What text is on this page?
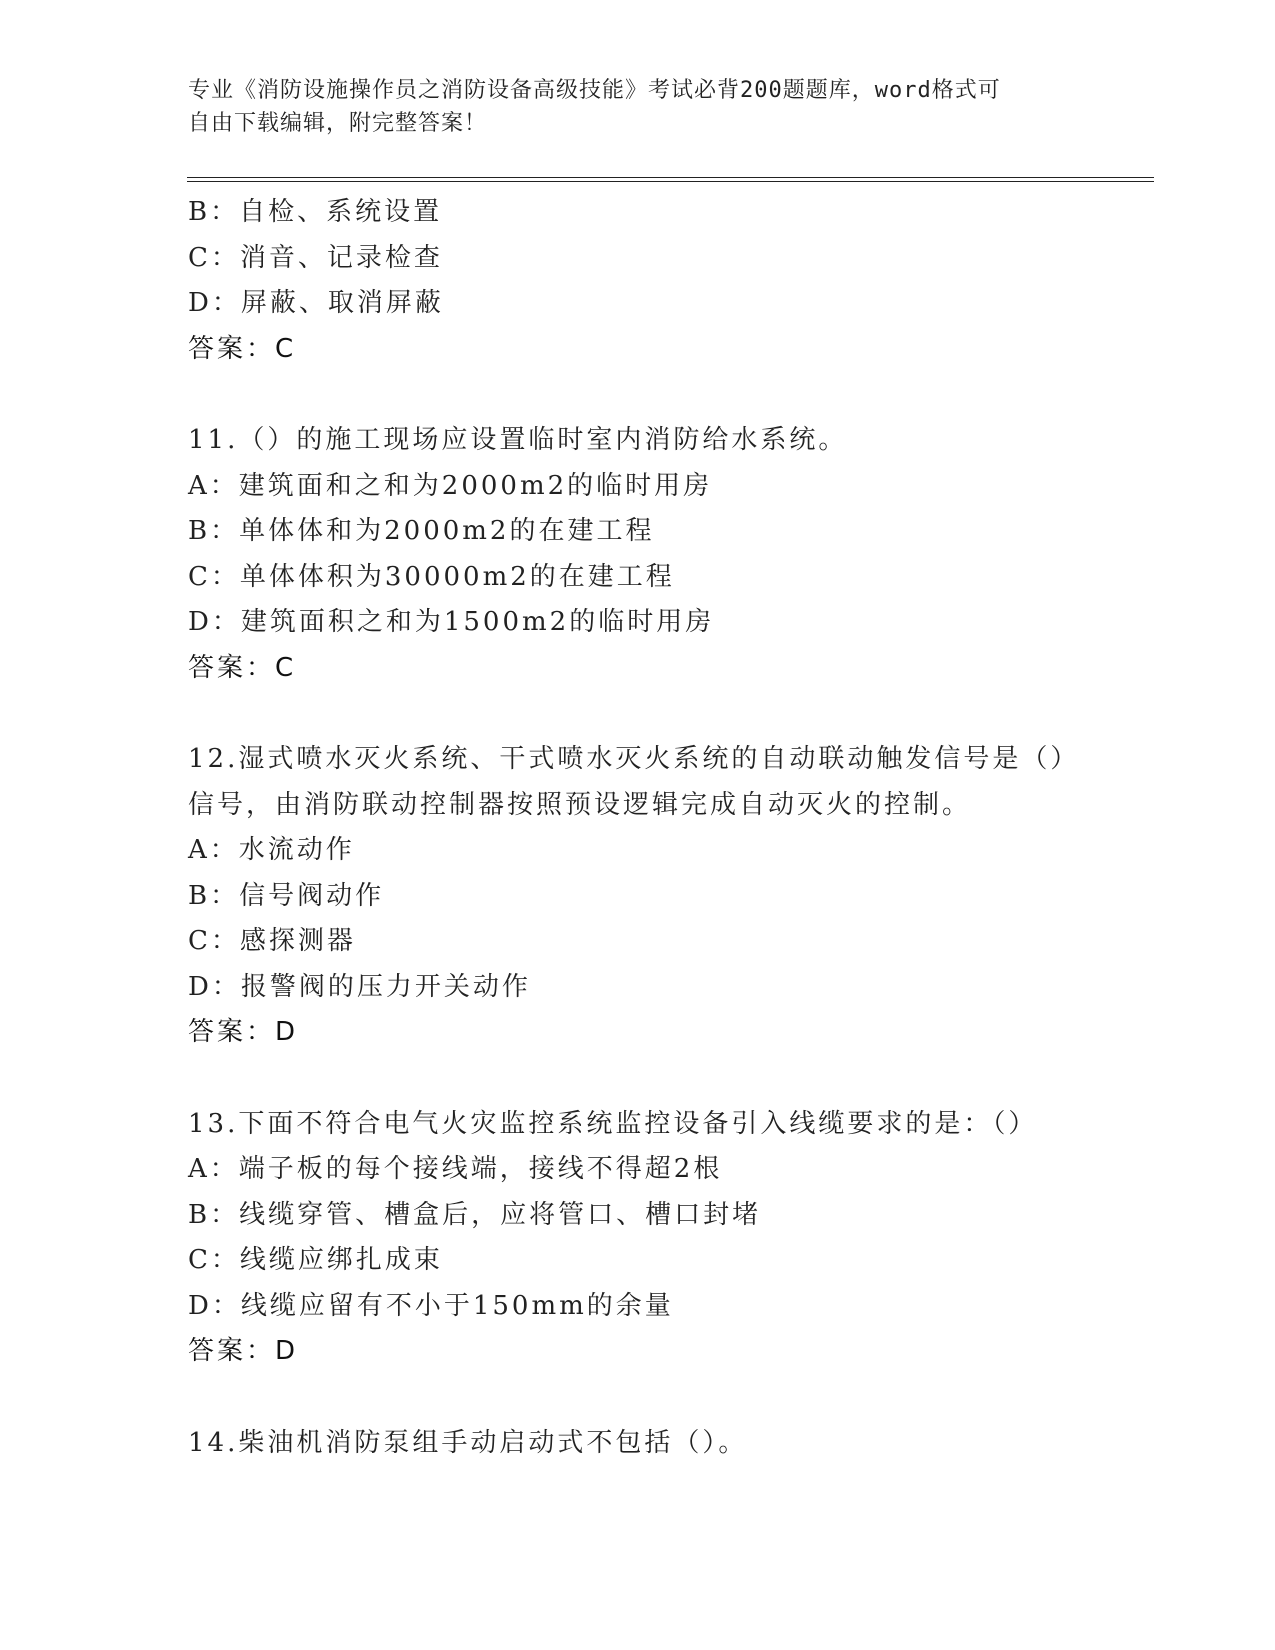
专业《消防设施操作员之消防设备高级技能》考试必背200题题库，word格式可
自由下载编辑，附完整答案！
B：自检、系统设置
C：消音、记录检查
D：屏蔽、取消屏蔽
答案：C
11.（）的施工现场应设置临时室内消防给水系统。
A：建筑面和之和为2000m2的临时用房
B：单体体和为2000m2的在建工程
C：单体体积为30000m2的在建工程
D：建筑面积之和为1500m2的临时用房
答案：C
12.湿式喷水灭火系统、干式喷水灭火系统的自动联动触发信号是（）
信号，由消防联动控制器按照预设逻辑完成自动灭火的控制。
A：水流动作
B：信号阀动作
C：感探测器
D：报警阀的压力开关动作
答案：D
13.下面不符合电气火灾监控系统监控设备引入线缆要求的是：（）
A：端子板的每个接线端，接线不得超2根
B：线缆穿管、槽盒后，应将管口、槽口封堵
C：线缆应绑扎成束
D：线缆应留有不小于150mm的余量
答案：D
14.柴油机消防泵组手动启动式不包括（）。
